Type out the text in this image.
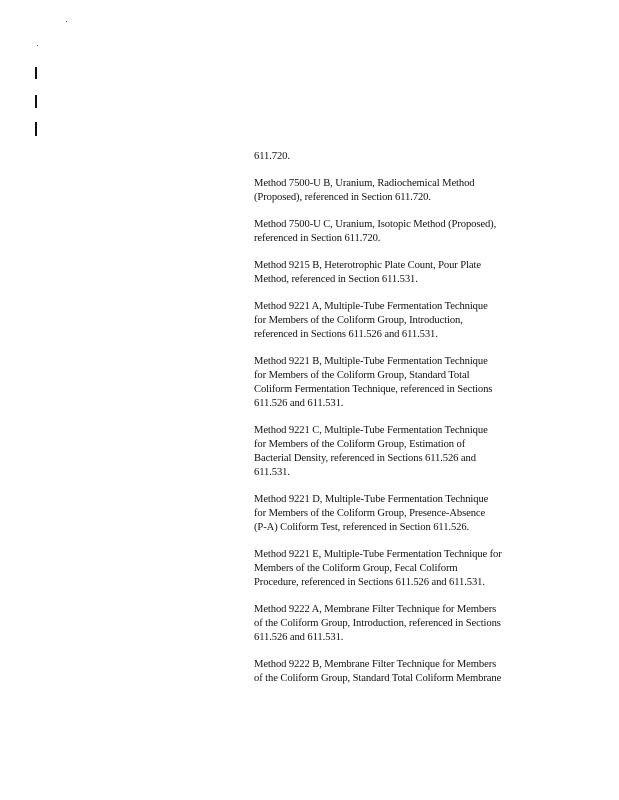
611.720.
Method 7500-U B, Uranium, Radiochemical Method
(Proposed), referenced in Section 611.720.
Method 7500-U C, Uranium, Isotopic Method (Proposed),
referenced in Section 611.720.
Method 9215 B, Heterotrophic Plate Count, Pour Plate
Method, referenced in Section 611.531.
Method 9221 A, Multiple-Tube Fermentation Technique
for Members of the Coliform Group, Introduction,
referenced in Sections 611.526 and 611.531.
Method 9221 B, Multiple-Tube Fermentation Technique
for Members of the Coliform Group, Standard Total
Coliform Fermentation Technique, referenced in Sections
611.526 and 611.531.
Method 9221 C, Multiple-Tube Fermentation Technique
for Members of the Coliform Group, Estimation of
Bacterial Density, referenced in Sections 611.526 and
611.531.
Method 9221 D, Multiple-Tube Fermentation Technique
for Members of the Coliform Group, Presence-Absence
(P-A) Coliform Test, referenced in Section 611.526.
Method 9221 E, Multiple-Tube Fermentation Technique for
Members of the Coliform Group, Fecal Coliform
Procedure, referenced in Sections 611.526 and 611.531.
Method 9222 A, Membrane Filter Technique for Members
of the Coliform Group, Introduction, referenced in Sections
611.526 and 611.531.
Method 9222 B, Membrane Filter Technique for Members
of the Coliform Group, Standard Total Coliform Membrane
